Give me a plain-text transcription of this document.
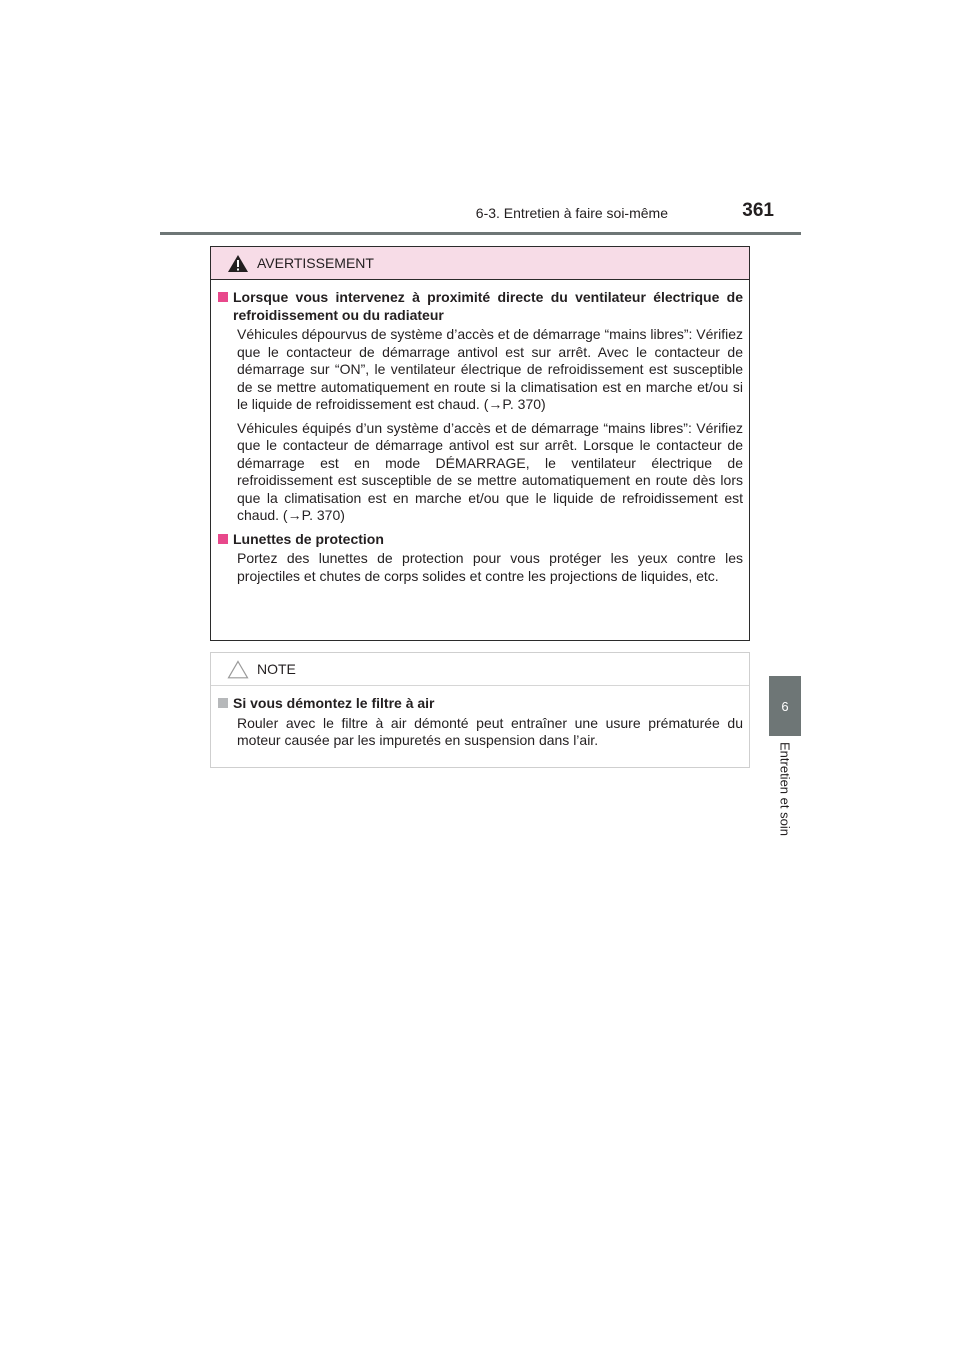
6-3. Entretien à faire soi-même	361
6
Entretien et soin
AVERTISSEMENT
Lorsque vous intervenez à proximité directe du ventilateur électrique de refroidissement ou du radiateur

Véhicules dépourvus de système d’accès et de démarrage “mains libres”: Vérifiez que le contacteur de démarrage antivol est sur arrêt. Avec le contacteur de démarrage sur “ON”, le ventilateur électrique de refroidissement est susceptible de se mettre automatiquement en route si la climatisation est en marche et/ou si le liquide de refroidissement est chaud. (→P. 370)

Véhicules équipés d’un système d’accès et de démarrage “mains libres”: Vérifiez que le contacteur de démarrage antivol est sur arrêt. Lorsque le contacteur de démarrage est en mode DÉMARRAGE, le ventilateur électrique de refroidissement est susceptible de se mettre automatiquement en route dès lors que la climatisation est en marche et/ou que le liquide de refroidissement est chaud. (→P. 370)

Lunettes de protection

Portez des lunettes de protection pour vous protéger les yeux contre les projectiles et chutes de corps solides et contre les projections de liquides, etc.

NOTE
Si vous démontez le filtre à air

Rouler avec le filtre à air démonté peut entraîner une usure prématurée du moteur causée par les impuretés en suspension dans l’air.
